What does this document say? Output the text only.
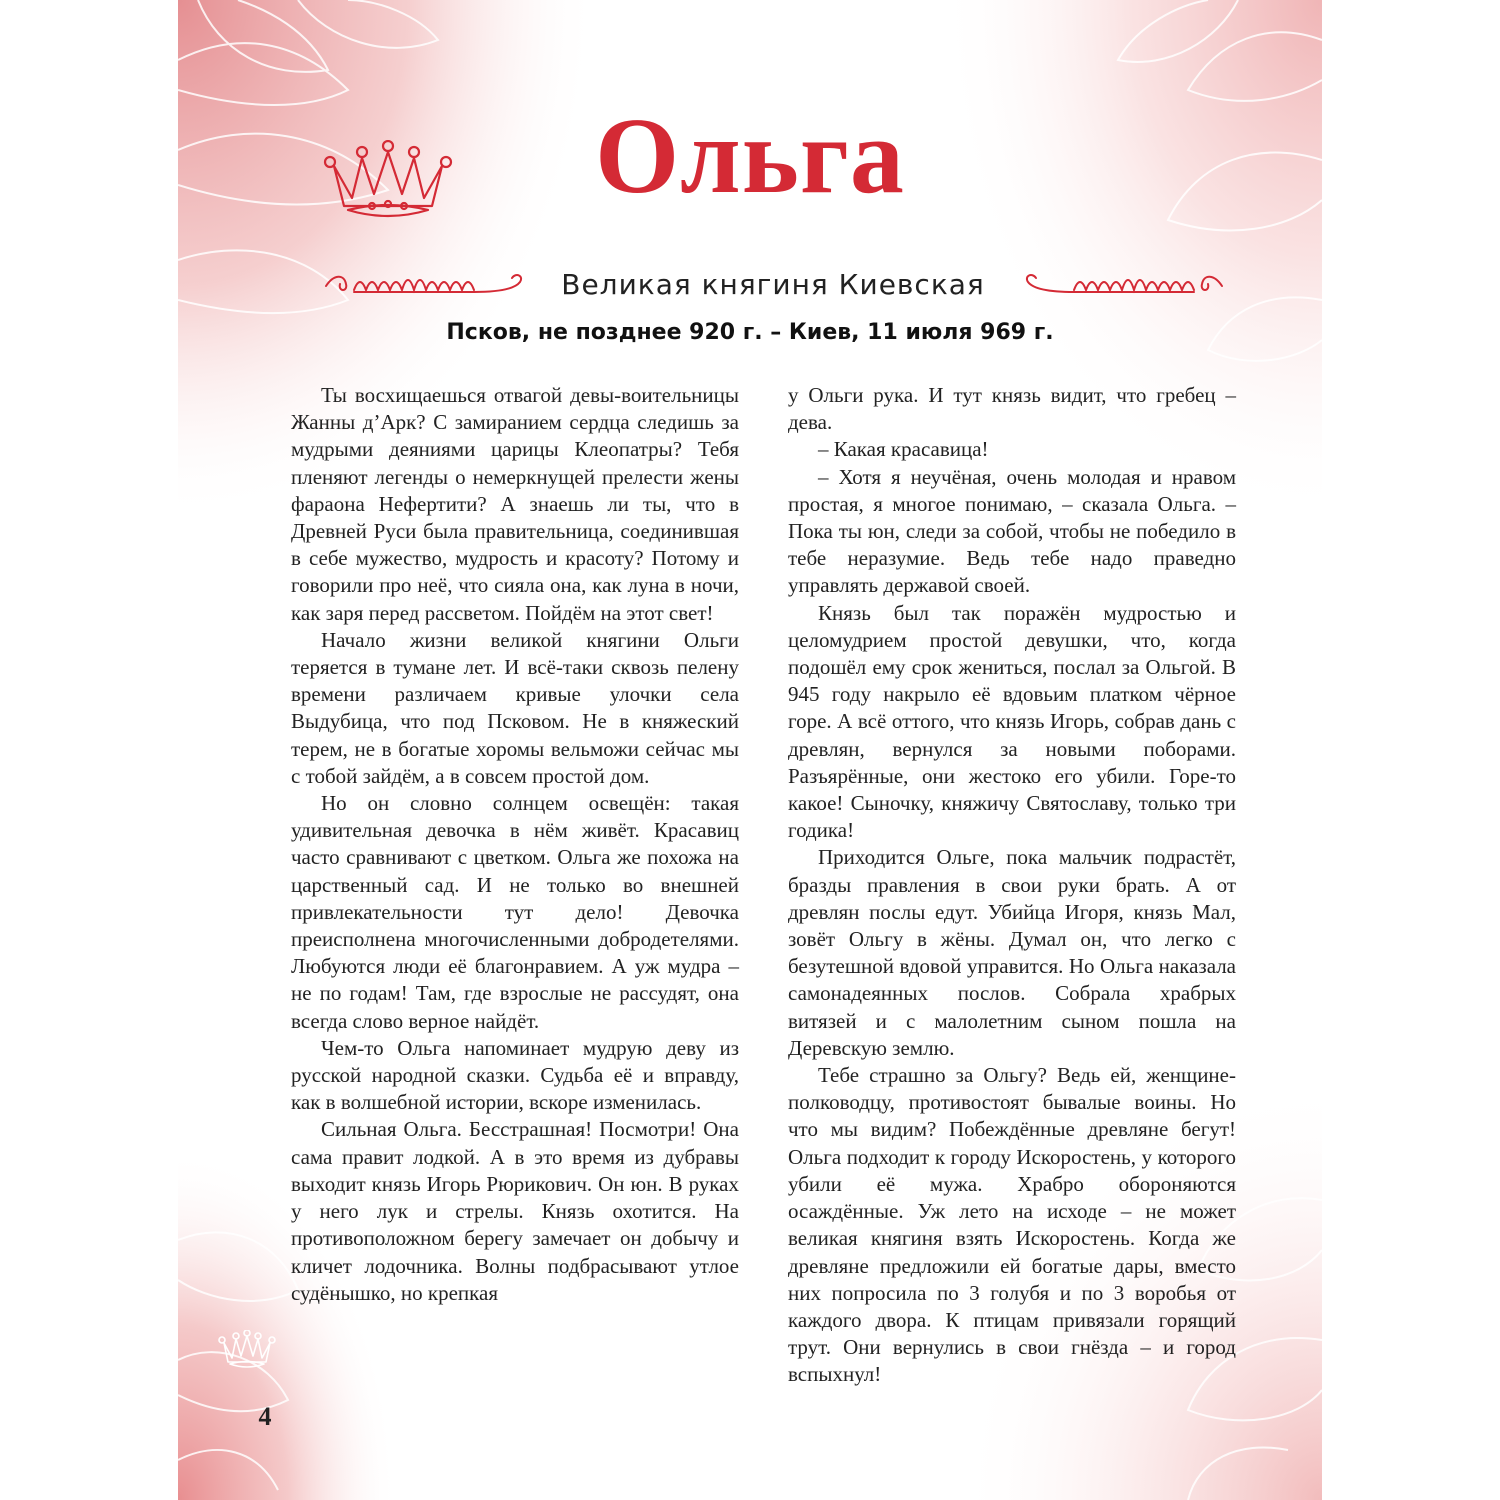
Ольга

Великая княгиня Киевская

Псков, не позднее 920 г. – Киев, 11 июля 969 г.

Ты восхищаешься отвагой девы-воительницы Жанны д’Арк? С замиранием сердца следишь за мудрыми деяниями царицы Клеопатры? Тебя пленяют легенды о немеркнущей прелести жены фараона Нефертити? А знаешь ли ты, что в Древней Руси была правительница, соединившая в себе мужество, мудрость и красоту? Потому и говорили про неё, что сияла она, как луна в ночи, как заря перед рассветом. Пойдём на этот свет!

Начало жизни великой княгини Ольги теряется в тумане лет. И всё-таки сквозь пелену времени различаем кривые улочки села Выдубица, что под Псковом. Не в княжеский терем, не в богатые хоромы вельможи сейчас мы с тобой зайдём, а в совсем простой дом.

Но он словно солнцем освещён: такая удивительная девочка в нём живёт. Красавиц часто сравнивают с цветком. Ольга же похожа на царственный сад. И не только во внешней привлекательности тут дело! Девочка преисполнена многочисленными добродетелями. Любуются люди её благонравием. А уж мудра – не по годам! Там, где взрослые не рассудят, она всегда слово верное найдёт.

Чем-то Ольга напоминает мудрую деву из русской народной сказки. Судьба её и вправду, как в волшебной истории, вскоре изменилась.

Сильная Ольга. Бесстрашная! Посмотри! Она сама правит лодкой. А в это время из дубравы выходит князь Игорь Рюрикович. Он юн. В руках у него лук и стрелы. Князь охотится. На противоположном берегу замечает он добычу и кличет лодочника. Волны подбрасывают утлое судёнышко, но крепкая

у Ольги рука. И тут князь видит, что гребец – дева.

– Какая красавица!

– Хотя я неучёная, очень молодая и нравом простая, я многое понимаю, – сказала Ольга. – Пока ты юн, следи за собой, чтобы не победило в тебе неразумие. Ведь тебе надо праведно управлять державой своей.

Князь был так поражён мудростью и целомудрием простой девушки, что, когда подошёл ему срок жениться, послал за Ольгой. В 945 году накрыло её вдовьим платком чёрное горе. А всё оттого, что князь Игорь, собрав дань с древлян, вернулся за новыми поборами. Разъярённые, они жестоко его убили. Горе-то какое! Сыночку, княжичу Святославу, только три годика!

Приходится Ольге, пока мальчик подрастёт, бразды правления в свои руки брать. А от древлян послы едут. Убийца Игоря, князь Мал, зовёт Ольгу в жёны. Думал он, что легко с безутешной вдовой управится. Но Ольга наказала самонадеянных послов. Собрала храбрых витязей и с малолетним сыном пошла на Деревскую землю.

Тебе страшно за Ольгу? Ведь ей, женщине-полководцу, противостоят бывалые воины. Но что мы видим? Побеждённые древляне бегут! Ольга подходит к городу Искоростень, у которого убили её мужа. Храбро обороняются осаждённые. Уж лето на исходе – не может великая княгиня взять Искоростень. Когда же древляне предложили ей богатые дары, вместо них попросила по 3 голубя и по 3 воробья от каждого двора. К птицам привязали горящий трут. Они вернулись в свои гнёзда – и город вспыхнул!

4
